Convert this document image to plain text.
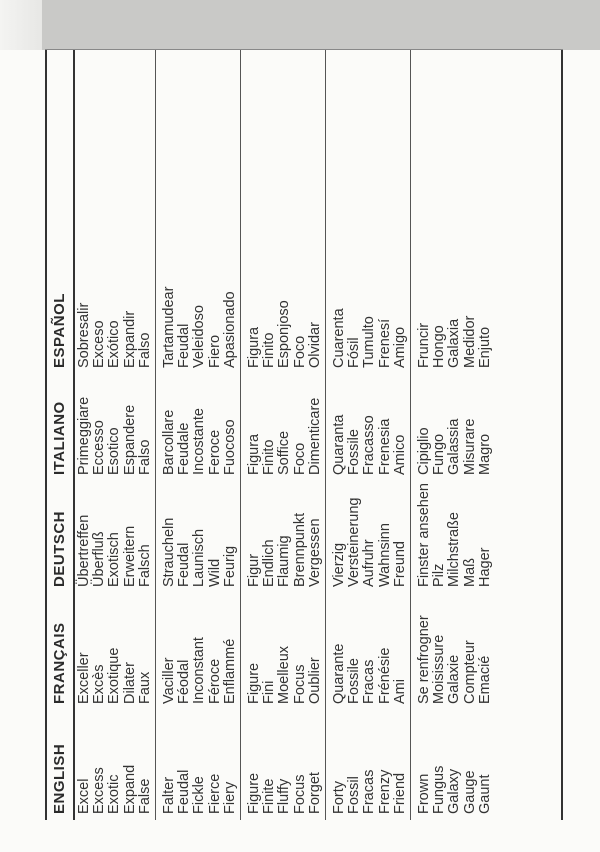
ENGLISH
FRANÇAIS
DEUTSCH
ITALIANO
ESPAÑOL
Excel
Exceller
Übertreffen
Primeggiare
Sobresalir
Excess
Excès
Überfluß
Eccesso
Exceso
Exotic
Exotique
Exotisch
Esotico
Exótico
Expand
Dilater
Erweitern
Espandere
Expandir
False
Faux
Falsch
Falso
Falso
Falter
Vaciller
Straucheln
Barcollare
Tartamudear
Feudal
Féodal
Feudal
Feudale
Feudal
Fickle
Inconstant
Launisch
Incostante
Veleidoso
Fierce
Féroce
Wild
Feroce
Fiero
Fiery
Enflammé
Feurig
Fuocoso
Apasionado
Figure
Figure
Figur
Figura
Figura
Finite
Fini
Endlich
Finito
Finito
Fluffy
Moelleux
Flaumig
Soffice
Esponjoso
Focus
Focus
Brennpunkt
Foco
Foco
Forget
Oublier
Vergessen
Dimenticare
Olvidar
Forty
Quarante
Vierzig
Quaranta
Cuarenta
Fossil
Fossile
Versteinerung
Fossile
Fósil
Fracas
Fracas
Aufruhr
Fracasso
Tumulto
Frenzy
Frénésie
Wahnsinn
Frenesia
Frenesí
Friend
Ami
Freund
Amico
Amigo
Frown
Se renfrogner
Finster ansehen
Cipiglio
Fruncir
Fungus
Moisissure
Pilz
Fungo
Hongo
Galaxy
Galaxie
Milchstraße
Galassia
Galaxia
Gauge
Compteur
Maß
Misurare
Medidor
Gaunt
Emacié
Hager
Magro
Enjuto
